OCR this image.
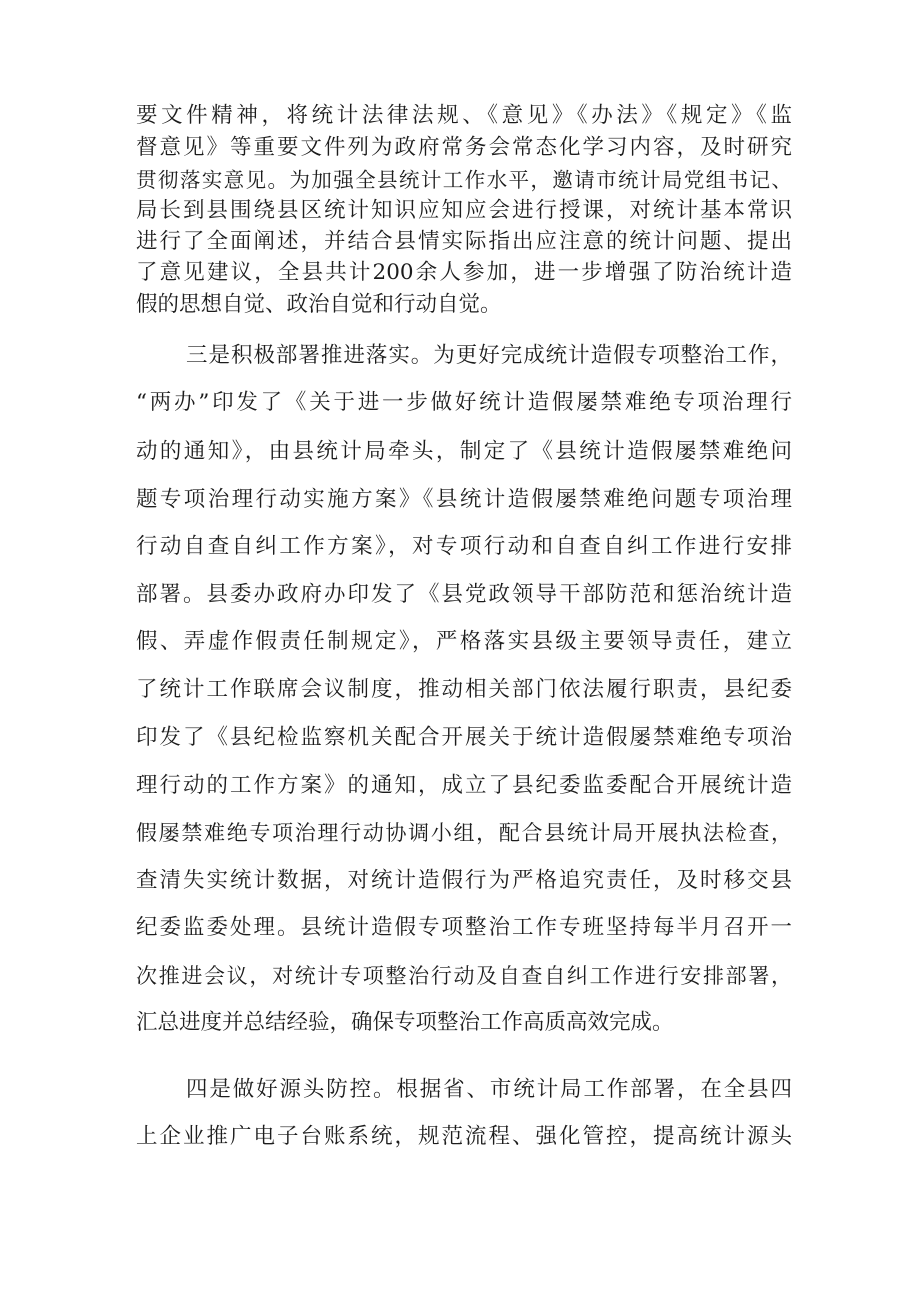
要文件精神，将统计法律法规、《意见》《办法》《规定》《监
督意见》等重要文件列为政府常务会常态化学习内容，及时研究
贯彻落实意见。为加强全县统计工作水平，邀请市统计局党组书记、
局长到县围绕县区统计知识应知应会进行授课，对统计基本常识
进行了全面阐述，并结合县情实际指出应注意的统计问题、提出
了意见建议，全县共计200余人参加，进一步增强了防治统计造
假的思想自觉、政治自觉和行动自觉。
三是积极部署推进落实。为更好完成统计造假专项整治工作，
“两办”印发了《关于进一步做好统计造假屡禁难绝专项治理行
动的通知》，由县统计局牵头，制定了《县统计造假屡禁难绝问
题专项治理行动实施方案》《县统计造假屡禁难绝问题专项治理
行动自查自纠工作方案》，对专项行动和自查自纠工作进行安排
部署。县委办政府办印发了《县党政领导干部防范和惩治统计造
假、弄虚作假责任制规定》，严格落实县级主要领导责任，建立
了统计工作联席会议制度，推动相关部门依法履行职责，县纪委
印发了《县纪检监察机关配合开展关于统计造假屡禁难绝专项治
理行动的工作方案》的通知，成立了县纪委监委配合开展统计造
假屡禁难绝专项治理行动协调小组，配合县统计局开展执法检查，
查清失实统计数据，对统计造假行为严格追究责任，及时移交县
纪委监委处理。县统计造假专项整治工作专班坚持每半月召开一
次推进会议，对统计专项整治行动及自查自纠工作进行安排部署，
汇总进度并总结经验，确保专项整治工作高质高效完成。
四是做好源头防控。根据省、市统计局工作部署，在全县四
上企业推广电子台账系统，规范流程、强化管控，提高统计源头
